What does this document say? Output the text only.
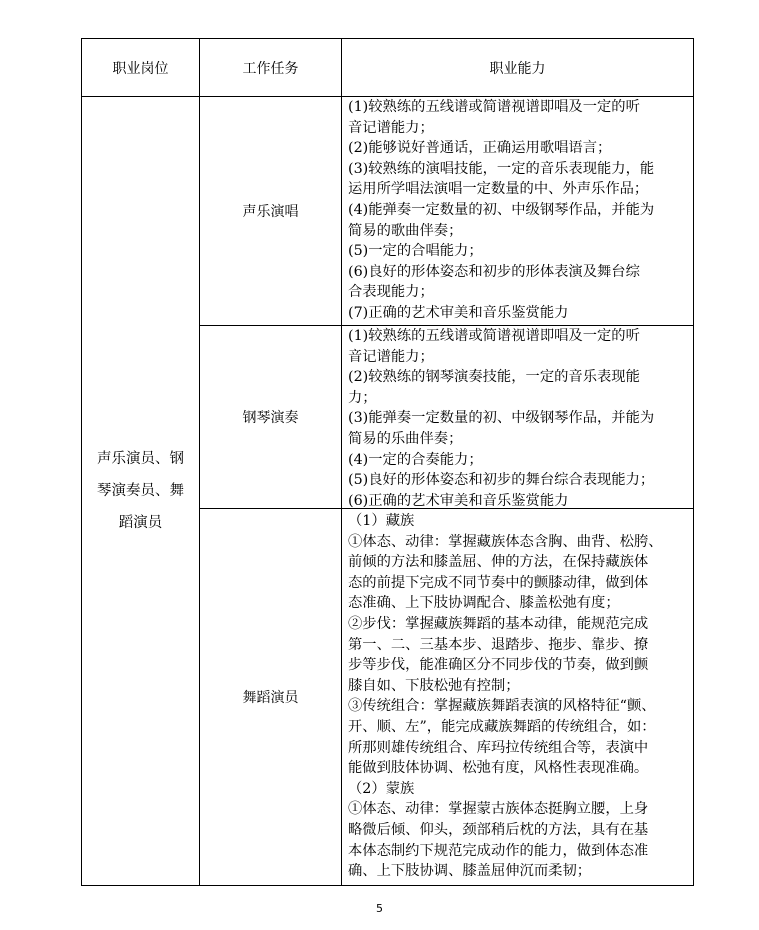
职业岗位	工作任务	职业能力
声乐演员、钢
琴演奏员、舞
蹈演员
声乐演唱
(1)较熟练的五线谱或简谱视谱即唱及一定的听
音记谱能力；
(2)能够说好普通话，正确运用歌唱语言；
(3)较熟练的演唱技能，一定的音乐表现能力，能
运用所学唱法演唱一定数量的中、外声乐作品；
(4)能弹奏一定数量的初、中级钢琴作品，并能为
简易的歌曲伴奏；
(5)一定的合唱能力；
(6)良好的形体姿态和初步的形体表演及舞台综
合表现能力；
(7)正确的艺术审美和音乐鉴赏能力
钢琴演奏
(1)较熟练的五线谱或简谱视谱即唱及一定的听
音记谱能力；
(2)较熟练的钢琴演奏技能，一定的音乐表现能
力；
(3)能弹奏一定数量的初、中级钢琴作品，并能为
简易的乐曲伴奏；
(4)一定的合奏能力；
(5)良好的形体姿态和初步的舞台综合表现能力；
(6)正确的艺术审美和音乐鉴赏能力
舞蹈演员
（1）藏族
①体态、动律：掌握藏族体态含胸、曲背、松胯、
前倾的方法和膝盖屈、伸的方法，在保持藏族体
态的前提下完成不同节奏中的颤膝动律，做到体
态准确、上下肢协调配合、膝盖松弛有度；
②步伐：掌握藏族舞蹈的基本动律，能规范完成
第一、二、三基本步、退踏步、拖步、靠步、撩
步等步伐，能准确区分不同步伐的节奏，做到颤
膝自如、下肢松弛有控制；
③传统组合：掌握藏族舞蹈表演的风格特征“颤、
开、顺、左”，能完成藏族舞蹈的传统组合，如：
所那则雄传统组合、库玛拉传统组合等，表演中
能做到肢体协调、松弛有度，风格性表现准确。
（2）蒙族
①体态、动律：掌握蒙古族体态挺胸立腰，上身
略微后倾、仰头，颈部稍后枕的方法，具有在基
本体态制约下规范完成动作的能力，做到体态准
确、上下肢协调、膝盖屈伸沉而柔韧；
5
